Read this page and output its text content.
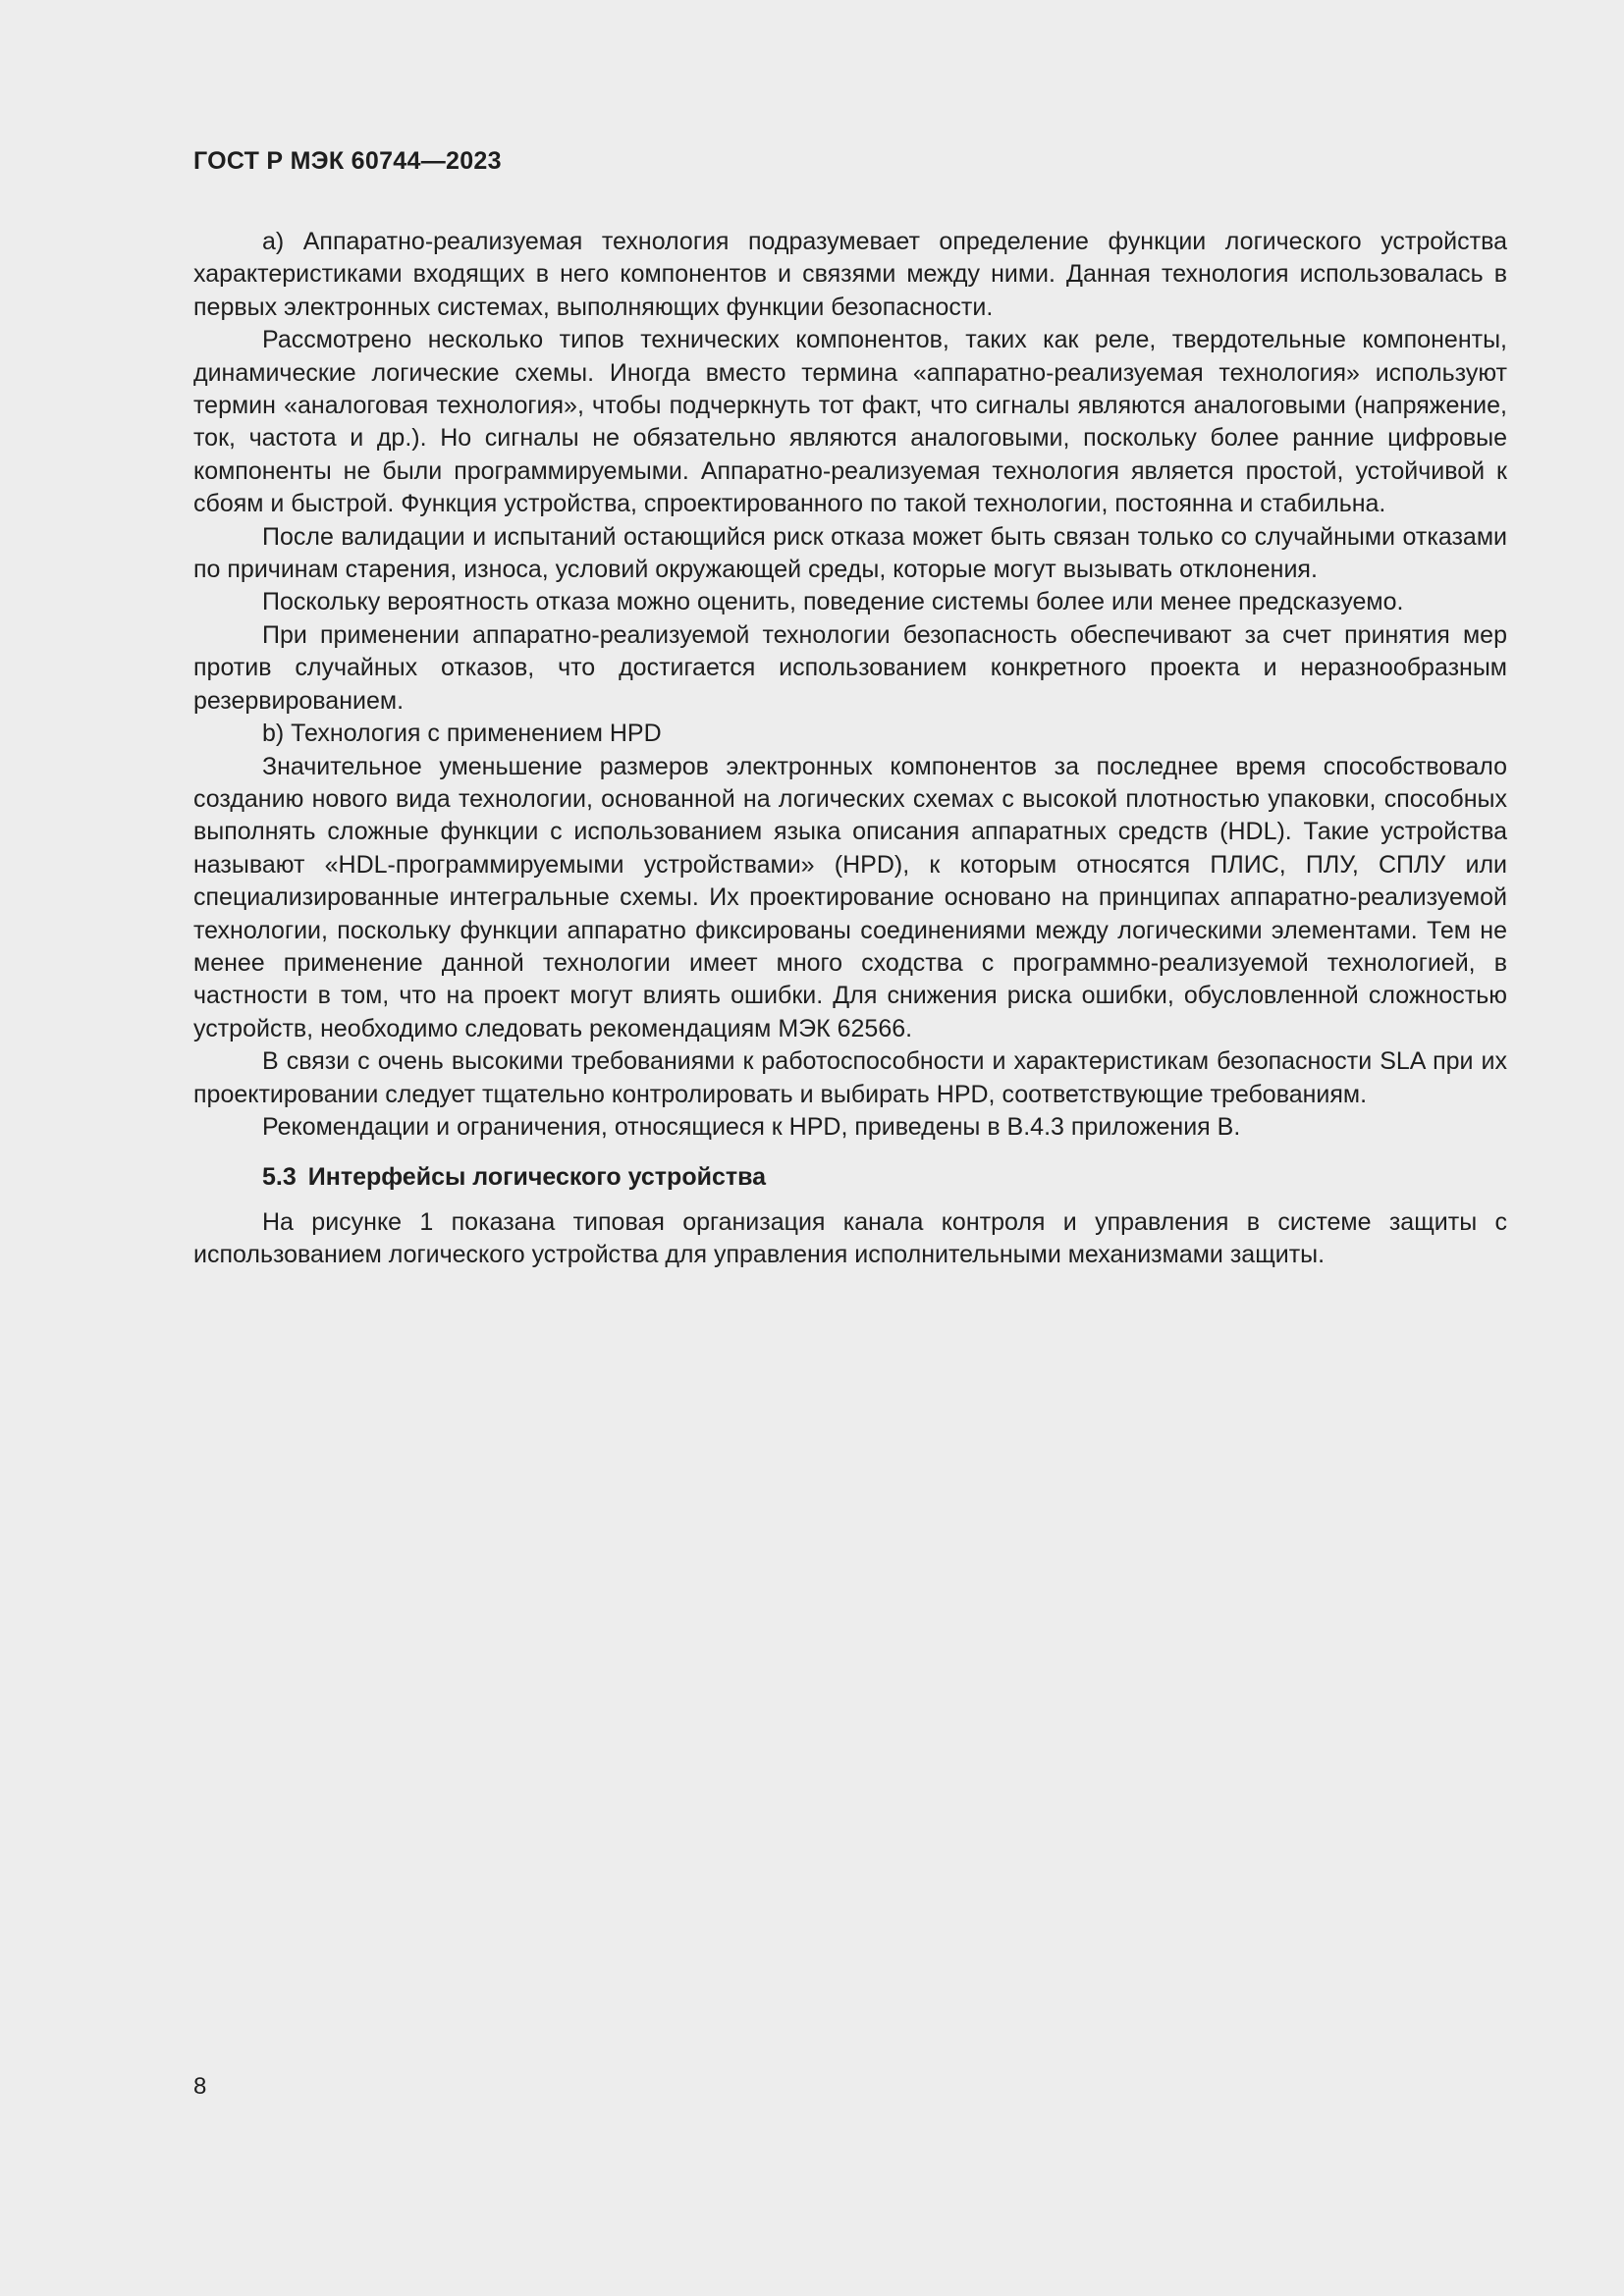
ГОСТ Р МЭК 60744—2023

а) Аппаратно-реализуемая технология подразумевает определение функции логического устройства характеристиками входящих в него компонентов и связями между ними. Данная технология использовалась в первых электронных системах, выполняющих функции безопасности.

Рассмотрено несколько типов технических компонентов, таких как реле, твердотельные компоненты, динамические логические схемы. Иногда вместо термина «аппаратно-реализуемая технология» используют термин «аналоговая технология», чтобы подчеркнуть тот факт, что сигналы являются аналоговыми (напряжение, ток, частота и др.). Но сигналы не обязательно являются аналоговыми, поскольку более ранние цифровые компоненты не были программируемыми. Аппаратно-реализуемая технология является простой, устойчивой к сбоям и быстрой. Функция устройства, спроектированного по такой технологии, постоянна и стабильна.

После валидации и испытаний остающийся риск отказа может быть связан только со случайными отказами по причинам старения, износа, условий окружающей среды, которые могут вызывать отклонения.

Поскольку вероятность отказа можно оценить, поведение системы более или менее предсказуемо.

При применении аппаратно-реализуемой технологии безопасность обеспечивают за счет принятия мер против случайных отказов, что достигается использованием конкретного проекта и неразнообразным резервированием.

b) Технология с применением HPD

Значительное уменьшение размеров электронных компонентов за последнее время способствовало созданию нового вида технологии, основанной на логических схемах с высокой плотностью упаковки, способных выполнять сложные функции с использованием языка описания аппаратных средств (HDL). Такие устройства называют «HDL-программируемыми устройствами» (HPD), к которым относятся ПЛИС, ПЛУ, СПЛУ или специализированные интегральные схемы. Их проектирование основано на принципах аппаратно-реализуемой технологии, поскольку функции аппаратно фиксированы соединениями между логическими элементами. Тем не менее применение данной технологии имеет много сходства с программно-реализуемой технологией, в частности в том, что на проект могут влиять ошибки. Для снижения риска ошибки, обусловленной сложностью устройств, необходимо следовать рекомендациям МЭК 62566.

В связи с очень высокими требованиями к работоспособности и характеристикам безопасности SLA при их проектировании следует тщательно контролировать и выбирать HPD, соответствующие требованиям.

Рекомендации и ограничения, относящиеся к HPD, приведены в В.4.3 приложения В.

5.3 Интерфейсы логического устройства

На рисунке 1 показана типовая организация канала контроля и управления в системе защиты с использованием логического устройства для управления исполнительными механизмами защиты.

8
